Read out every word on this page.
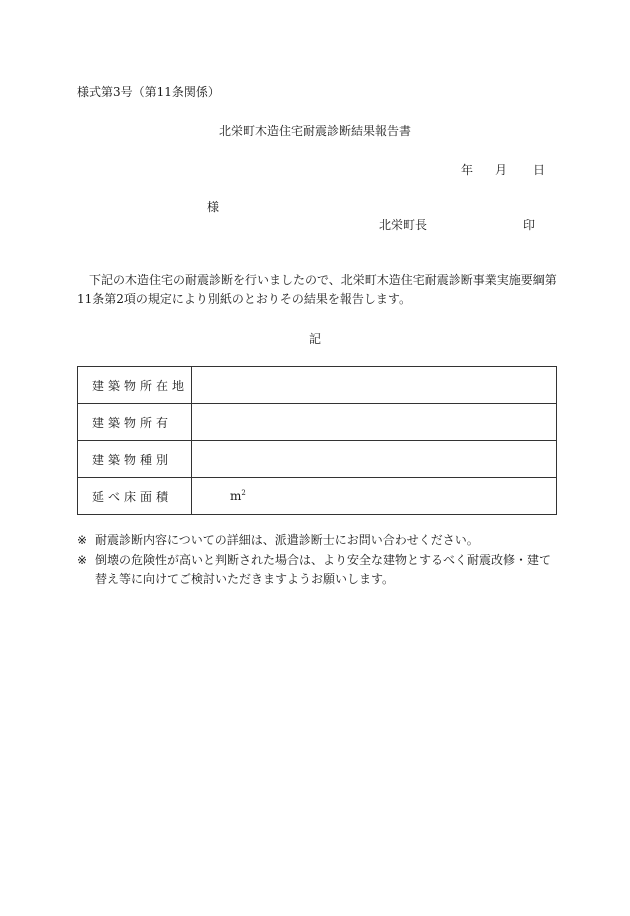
様式第3号（第11条関係）
北栄町木造住宅耐震診断結果報告書
年 月 日
様
北栄町長	印
下記の木造住宅の耐震診断を行いましたので、北栄町木造住宅耐震診断事業実施要綱第11条第2項の規定により別紙のとおりその結果を報告します。
記
建築物所在地	
建築物所有	
建築物種別	
延べ床面積	$m^2$
※ 耐震診断内容についての詳細は、派遣診断士にお問い合わせください。
※ 倒壊の危険性が高いと判断された場合は、より安全な建物とするべく耐震改修・建て替え等に向けてご検討いただきますようお願いします。
